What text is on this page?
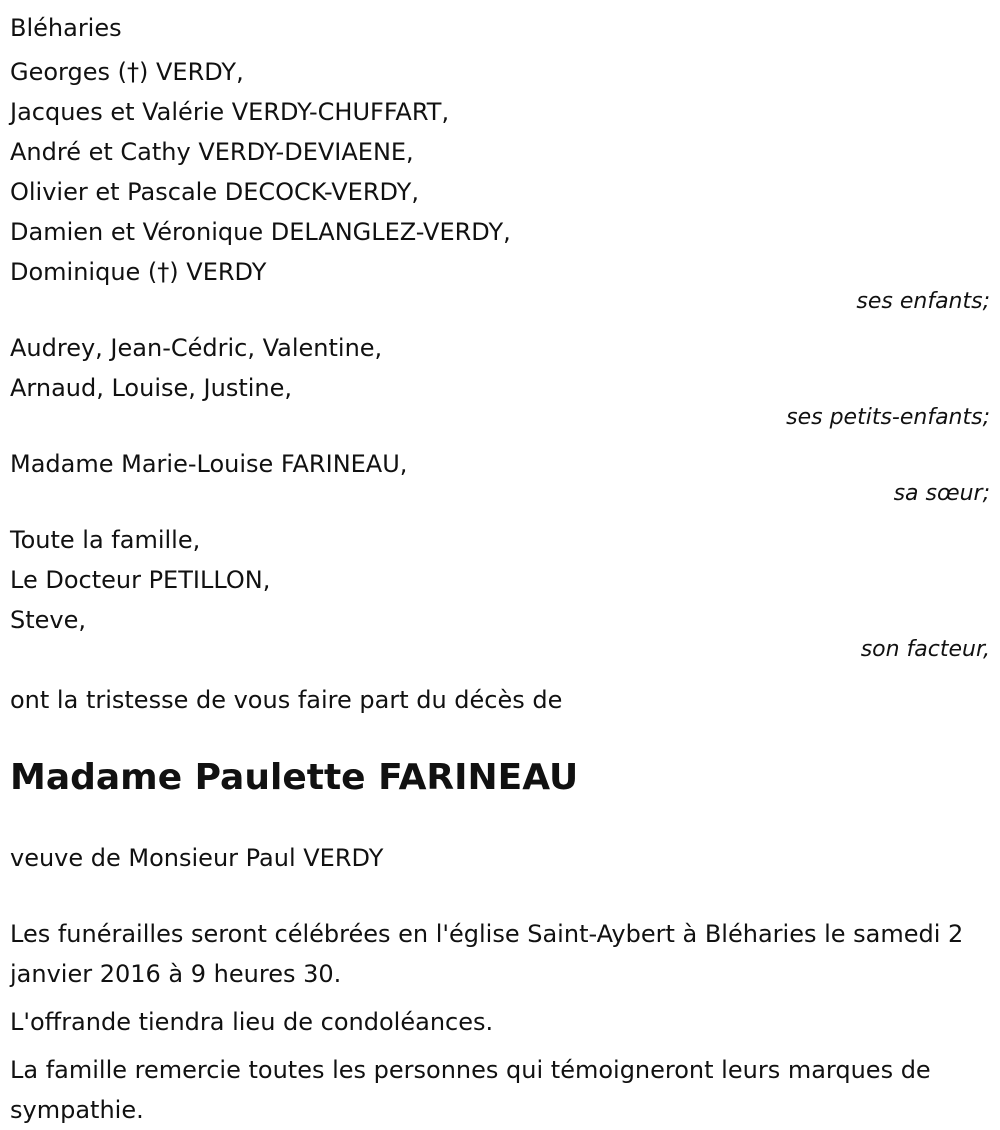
Bléharies
Georges (†) VERDY,
Jacques et Valérie VERDY-CHUFFART,
André et Cathy VERDY-DEVIAENE,
Olivier et Pascale DECOCK-VERDY,
Damien et Véronique DELANGLEZ-VERDY,
Dominique (†) VERDY
ses enfants;
Audrey, Jean-Cédric, Valentine,
Arnaud, Louise, Justine,
ses petits-enfants;
Madame Marie-Louise FARINEAU,
sa sœur;
Toute la famille,
Le Docteur PETILLON,
Steve,
son facteur,
ont la tristesse de vous faire part du décès de
Madame Paulette FARINEAU
veuve de Monsieur Paul VERDY

Les funérailles seront célébrées en l'église Saint-Aybert à Bléharies le samedi 2 janvier 2016 à 9 heures 30.

L'offrande tiendra lieu de condoléances.

La famille remercie toutes les personnes qui témoigneront leurs marques de sympathie.
